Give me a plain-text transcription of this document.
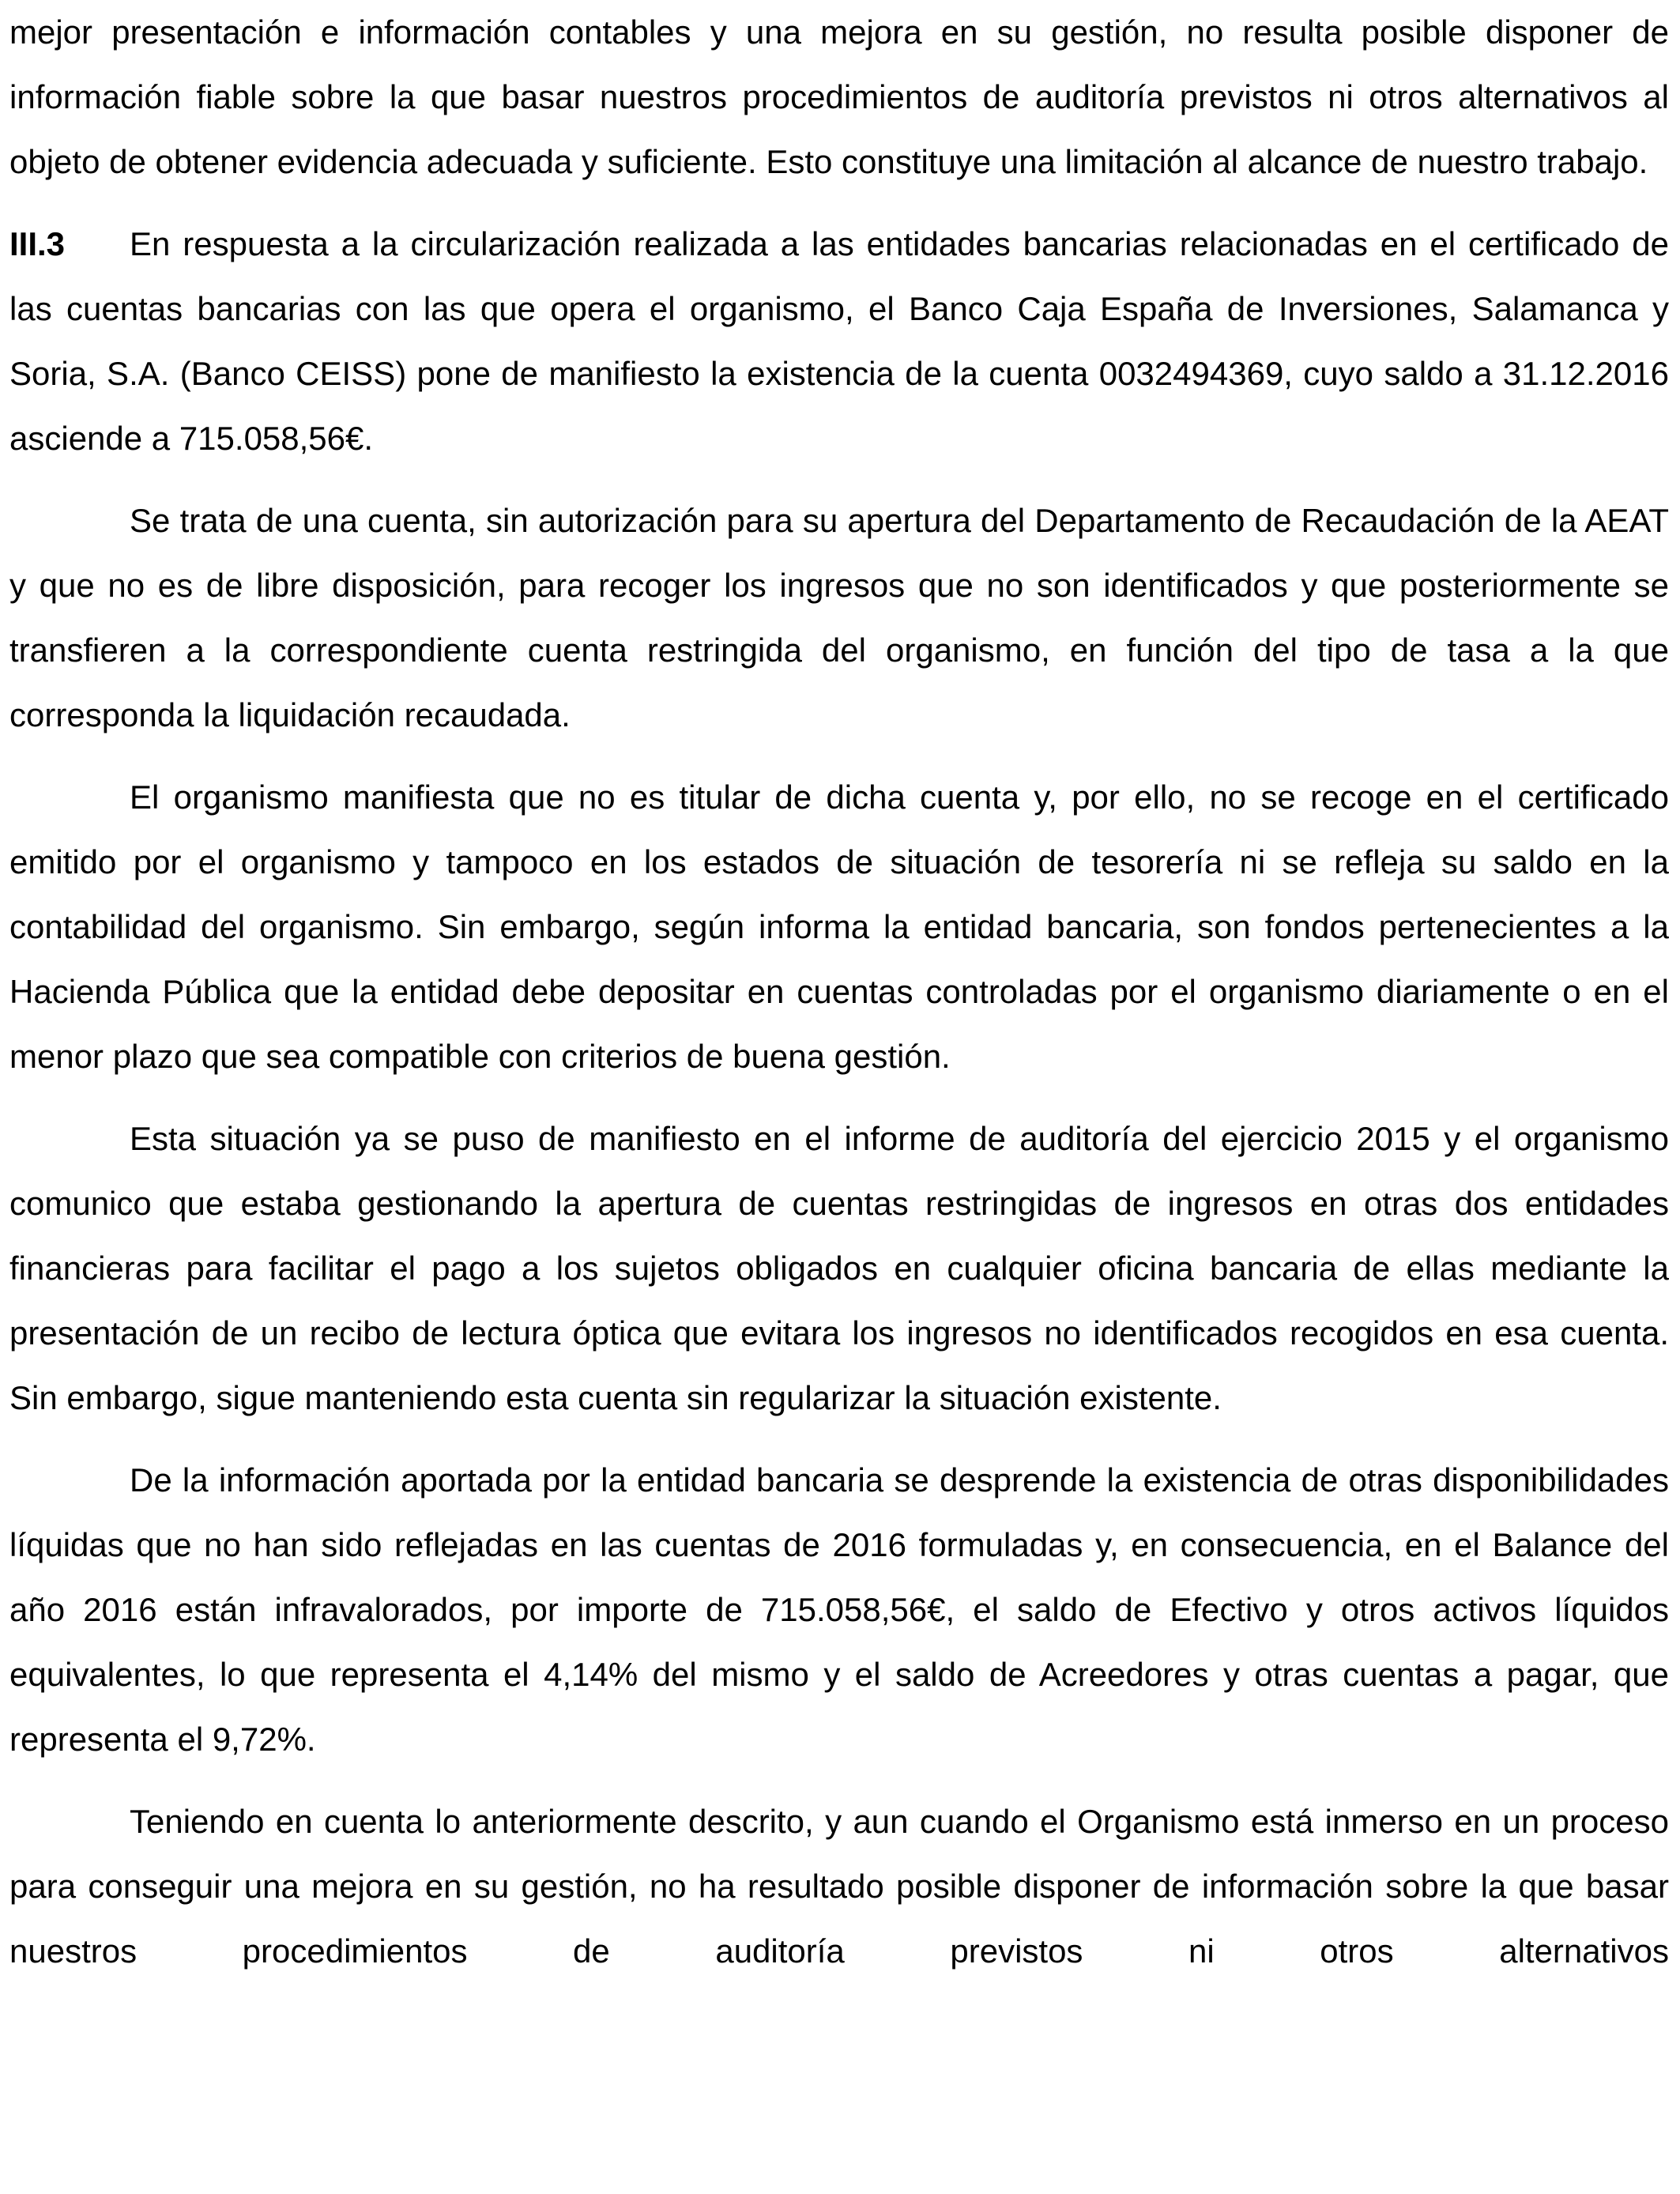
mejor presentación e información contables y una mejora en su gestión, no resulta posible disponer de información fiable sobre la que basar nuestros procedimientos de auditoría previstos ni otros alternativos al objeto de obtener evidencia adecuada y suficiente. Esto constituye una limitación al alcance de nuestro trabajo.

III.3 En respuesta a la circularización realizada a las entidades bancarias relacionadas en el certificado de las cuentas bancarias con las que opera el organismo, el Banco Caja España de Inversiones, Salamanca y Soria, S.A. (Banco CEISS) pone de manifiesto la existencia de la cuenta 0032494369, cuyo saldo a 31.12.2016 asciende a 715.058,56€.

Se trata de una cuenta, sin autorización para su apertura del Departamento de Recaudación de la AEAT y que no es de libre disposición, para recoger los ingresos que no son identificados y que posteriormente se transfieren a la correspondiente cuenta restringida del organismo, en función del tipo de tasa a la que corresponda la liquidación recaudada.

El organismo manifiesta que no es titular de dicha cuenta y, por ello, no se recoge en el certificado emitido por el organismo y tampoco en los estados de situación de tesorería ni se refleja su saldo en la contabilidad del organismo. Sin embargo, según informa la entidad bancaria, son fondos pertenecientes a la Hacienda Pública que la entidad debe depositar en cuentas controladas por el organismo diariamente o en el menor plazo que sea compatible con criterios de buena gestión.

Esta situación ya se puso de manifiesto en el informe de auditoría del ejercicio 2015 y el organismo comunico que estaba gestionando la apertura de cuentas restringidas de ingresos en otras dos entidades financieras para facilitar el pago a los sujetos obligados en cualquier oficina bancaria de ellas mediante la presentación de un recibo de lectura óptica que evitara los ingresos no identificados recogidos en esa cuenta. Sin embargo, sigue manteniendo esta cuenta sin regularizar la situación existente.

De la información aportada por la entidad bancaria se desprende la existencia de otras disponibilidades líquidas que no han sido reflejadas en las cuentas de 2016 formuladas y, en consecuencia, en el Balance del año 2016 están infravalorados, por importe de 715.058,56€, el saldo de Efectivo y otros activos líquidos equivalentes, lo que representa el 4,14% del mismo y el saldo de Acreedores y otras cuentas a pagar, que representa el 9,72%.

Teniendo en cuenta lo anteriormente descrito, y aun cuando el Organismo está inmerso en un proceso para conseguir una mejora en su gestión, no ha resultado posible disponer de información sobre la que basar nuestros procedimientos de auditoría previstos ni otros alternativos
